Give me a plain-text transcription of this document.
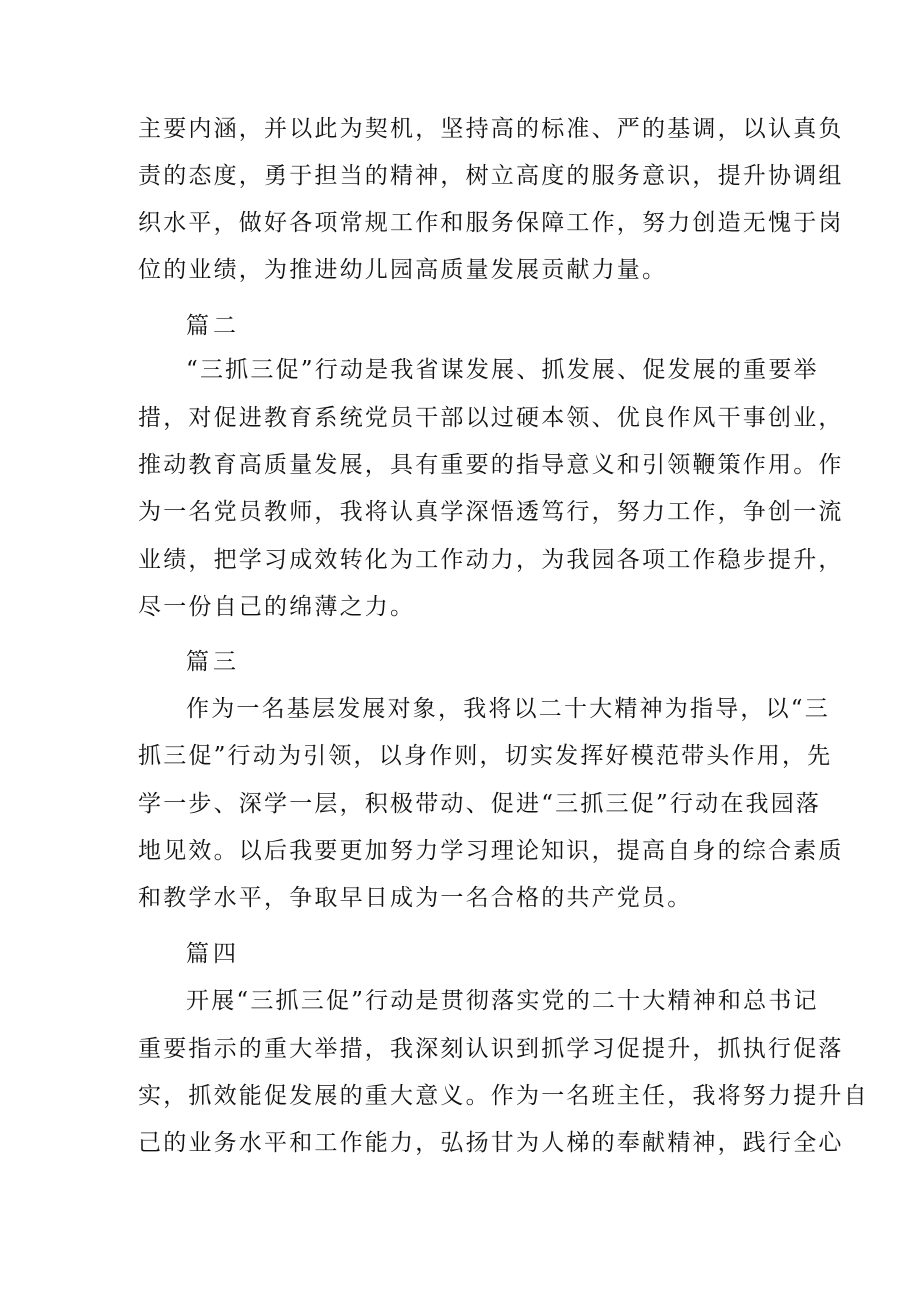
主要内涵，并以此为契机，坚持高的标准、严的基调，以认真负
责的态度，勇于担当的精神，树立高度的服务意识，提升协调组
织水平，做好各项常规工作和服务保障工作，努力创造无愧于岗
位的业绩，为推进幼儿园高质量发展贡献力量。
篇二
“三抓三促”行动是我省谋发展、抓发展、促发展的重要举
措，对促进教育系统党员干部以过硬本领、优良作风干事创业，
推动教育高质量发展，具有重要的指导意义和引领鞭策作用。作
为一名党员教师，我将认真学深悟透笃行，努力工作，争创一流
业绩，把学习成效转化为工作动力，为我园各项工作稳步提升，
尽一份自己的绵薄之力。
篇三
作为一名基层发展对象，我将以二十大精神为指导，以“三
抓三促”行动为引领，以身作则，切实发挥好模范带头作用，先
学一步、深学一层，积极带动、促进“三抓三促”行动在我园落
地见效。以后我要更加努力学习理论知识，提高自身的综合素质
和教学水平，争取早日成为一名合格的共产党员。
篇四
开展“三抓三促”行动是贯彻落实党的二十大精神和总书记
重要指示的重大举措，我深刻认识到抓学习促提升，抓执行促落
实，抓效能促发展的重大意义。作为一名班主任，我将努力提升自
己的业务水平和工作能力，弘扬甘为人梯的奉献精神，践行全心
